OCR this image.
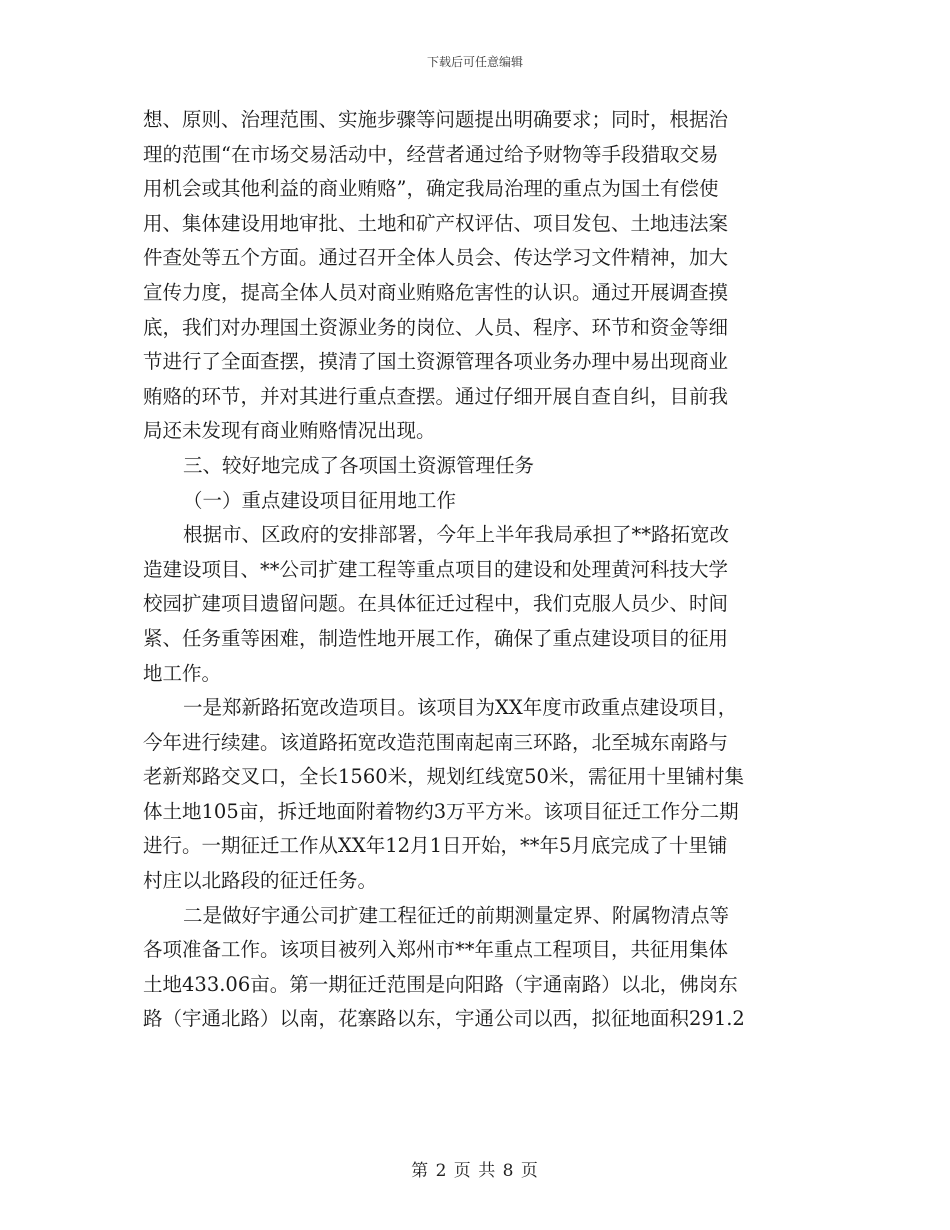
下载后可任意编辑
想、原则、治理范围、实施步骤等问题提出明确要求；同时，根据治
理的范围“在市场交易活动中，经营者通过给予财物等手段猎取交易
用机会或其他利益的商业贿赂”，确定我局治理的重点为国土有偿使
用、集体建设用地审批、土地和矿产权评估、项目发包、土地违法案
件查处等五个方面。通过召开全体人员会、传达学习文件精神，加大
宣传力度，提高全体人员对商业贿赂危害性的认识。通过开展调查摸
底，我们对办理国土资源业务的岗位、人员、程序、环节和资金等细
节进行了全面查摆，摸清了国土资源管理各项业务办理中易出现商业
贿赂的环节，并对其进行重点查摆。通过仔细开展自查自纠，目前我
局还未发现有商业贿赂情况出现。
三、较好地完成了各项国土资源管理任务
（一）重点建设项目征用地工作
根据市、区政府的安排部署，今年上半年我局承担了**路拓宽改
造建设项目、**公司扩建工程等重点项目的建设和处理黄河科技大学
校园扩建项目遗留问题。在具体征迁过程中，我们克服人员少、时间
紧、任务重等困难，制造性地开展工作，确保了重点建设项目的征用
地工作。
一是郑新路拓宽改造项目。该项目为XX年度市政重点建设项目，
今年进行续建。该道路拓宽改造范围南起南三环路，北至城东南路与
老新郑路交叉口，全长1560米，规划红线宽50米，需征用十里铺村集
体土地105亩，拆迁地面附着物约3万平方米。该项目征迁工作分二期
进行。一期征迁工作从XX年12月1日开始，**年5月底完成了十里铺
村庄以北路段的征迁任务。
二是做好宇通公司扩建工程征迁的前期测量定界、附属物清点等
各项准备工作。该项目被列入郑州市**年重点工程项目，共征用集体
土地433.06亩。第一期征迁范围是向阳路（宇通南路）以北，佛岗东
路（宇通北路）以南，花寨路以东，宇通公司以西，拟征地面积291.2
第 2 页 共 8 页
